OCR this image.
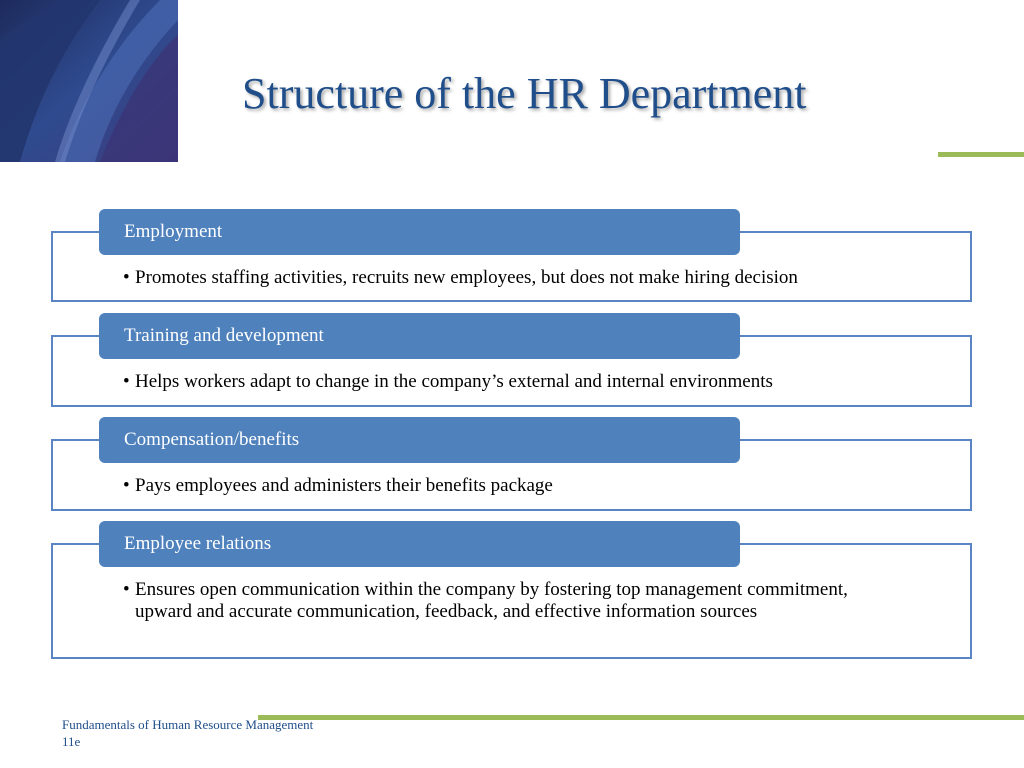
Structure of the HR Department
Employment
• Promotes staffing activities, recruits new employees, but does not make hiring decision
Training and development
• Helps workers adapt to change in the company’s external and internal environments
Compensation/benefits
• Pays employees and administers their benefits package
Employee relations
• Ensures open communication within the company by fostering top management commitment, upward and accurate communication, feedback, and effective information sources
Fundamentals of Human Resource Management
11e
